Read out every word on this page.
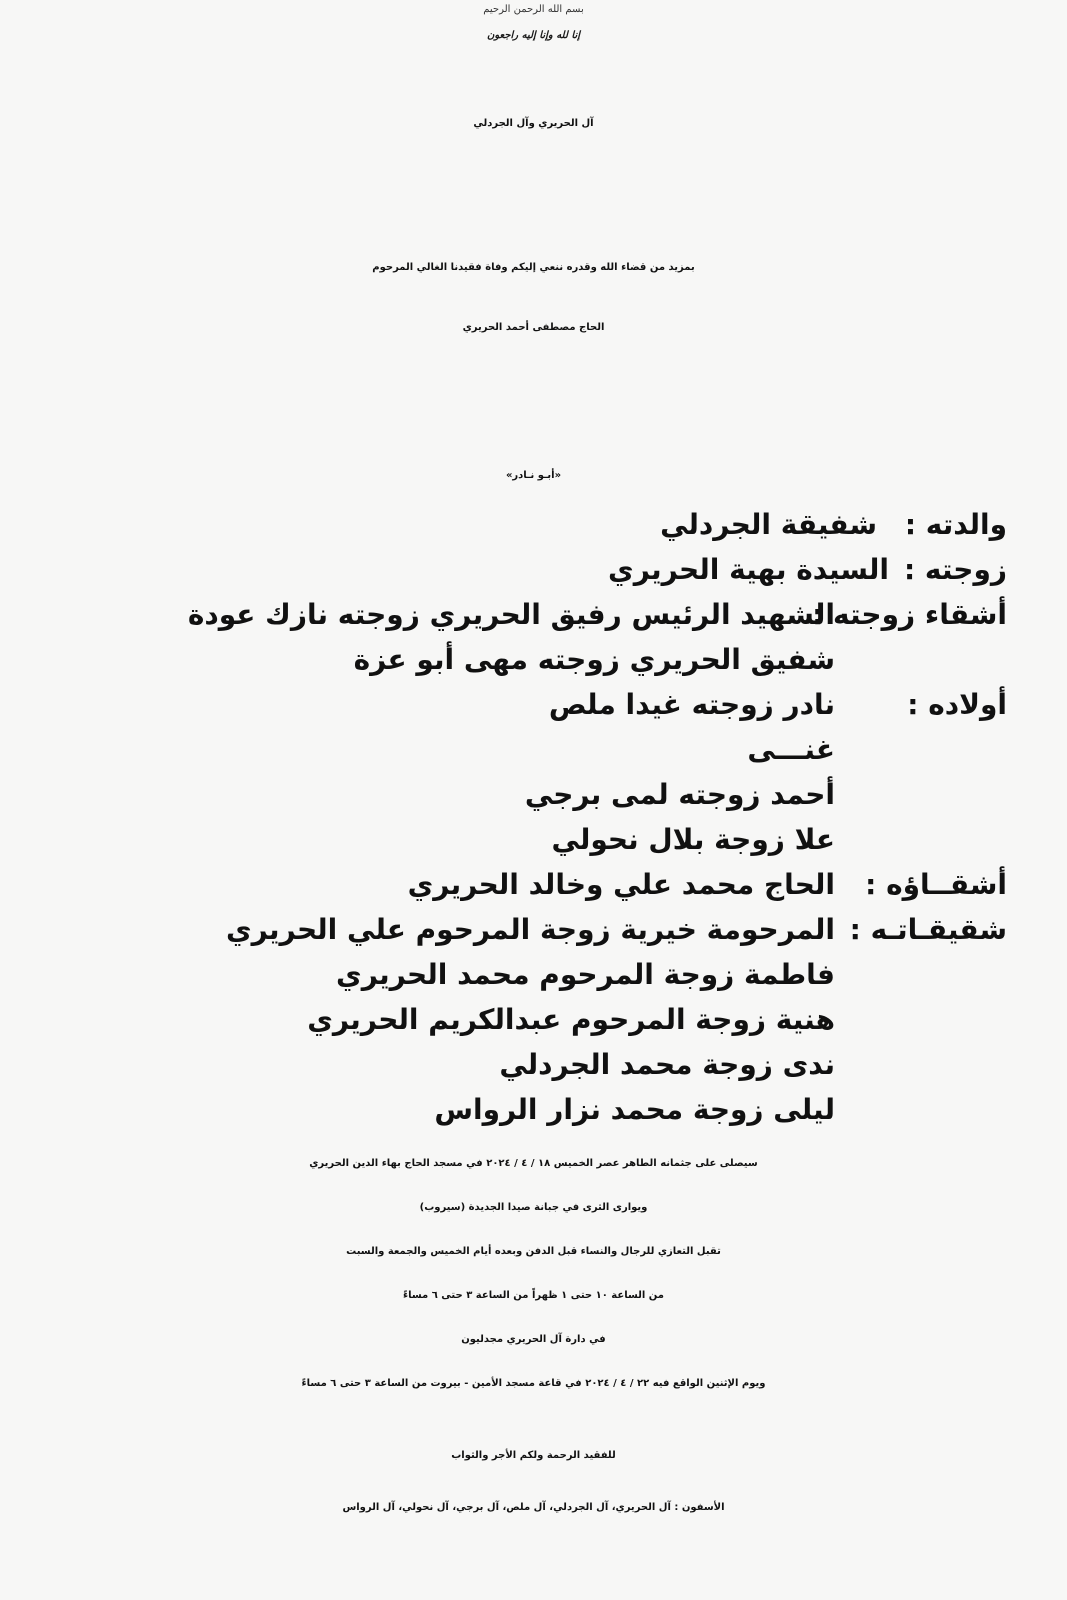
بسم الله الرحمن الرحيم
إنا لله وإنا إليه راجعون
آل الحريري وآل الجردلي
بمزيد من قضاء الله وقدره ننعي إليكم وفاة فقيدنا الغالي المرحوم
الحاج مصطفى أحمد الحريري
«أبـو نـادر»
والدته :
شفيقة الجردلي
زوجته :
السيدة بهية الحريري
أشقاء زوجته :
الشهيد الرئيس رفيق الحريري زوجته نازك عودة
شفيق الحريري زوجته مهى أبو عزة
أولاده :
نادر زوجته غيدا ملص
غنـــى
أحمد زوجته لمى برجي
علا زوجة بلال نحولي
أشقــاؤه :
الحاج محمد علي وخالد الحريري
شقيقـاتـه :
المرحومة خيرية زوجة المرحوم علي الحريري
فاطمة زوجة المرحوم محمد الحريري
هنية زوجة المرحوم عبدالكريم الحريري
ندى زوجة محمد الجردلي
ليلى زوجة محمد نزار الرواس
سيصلى على جثمانه الطاهر عصر الخميس ١٨ / ٤ / ٢٠٢٤ في مسجد الحاج بهاء الدين الحريري
ويوارى الثرى في جبانة صيدا الجديدة (سيروب)
تقبل التعازي للرجال والنساء قبل الدفن وبعده أيام الخميس والجمعة والسبت
من الساعة ١٠ حتى ١ ظهراً من الساعة ٣ حتى ٦ مساءً
في دارة آل الحريري مجدليون
ويوم الإثنين الواقع فيه ٢٢ / ٤ / ٢٠٢٤ في قاعة مسجد الأمين - بيروت من الساعة ٣ حتى ٦ مساءً
للفقيد الرحمة ولكم الأجر والثواب
الأسفون : آل الحريري، آل الجردلي، آل ملص، آل برجي، آل نحولي، آل الرواس
